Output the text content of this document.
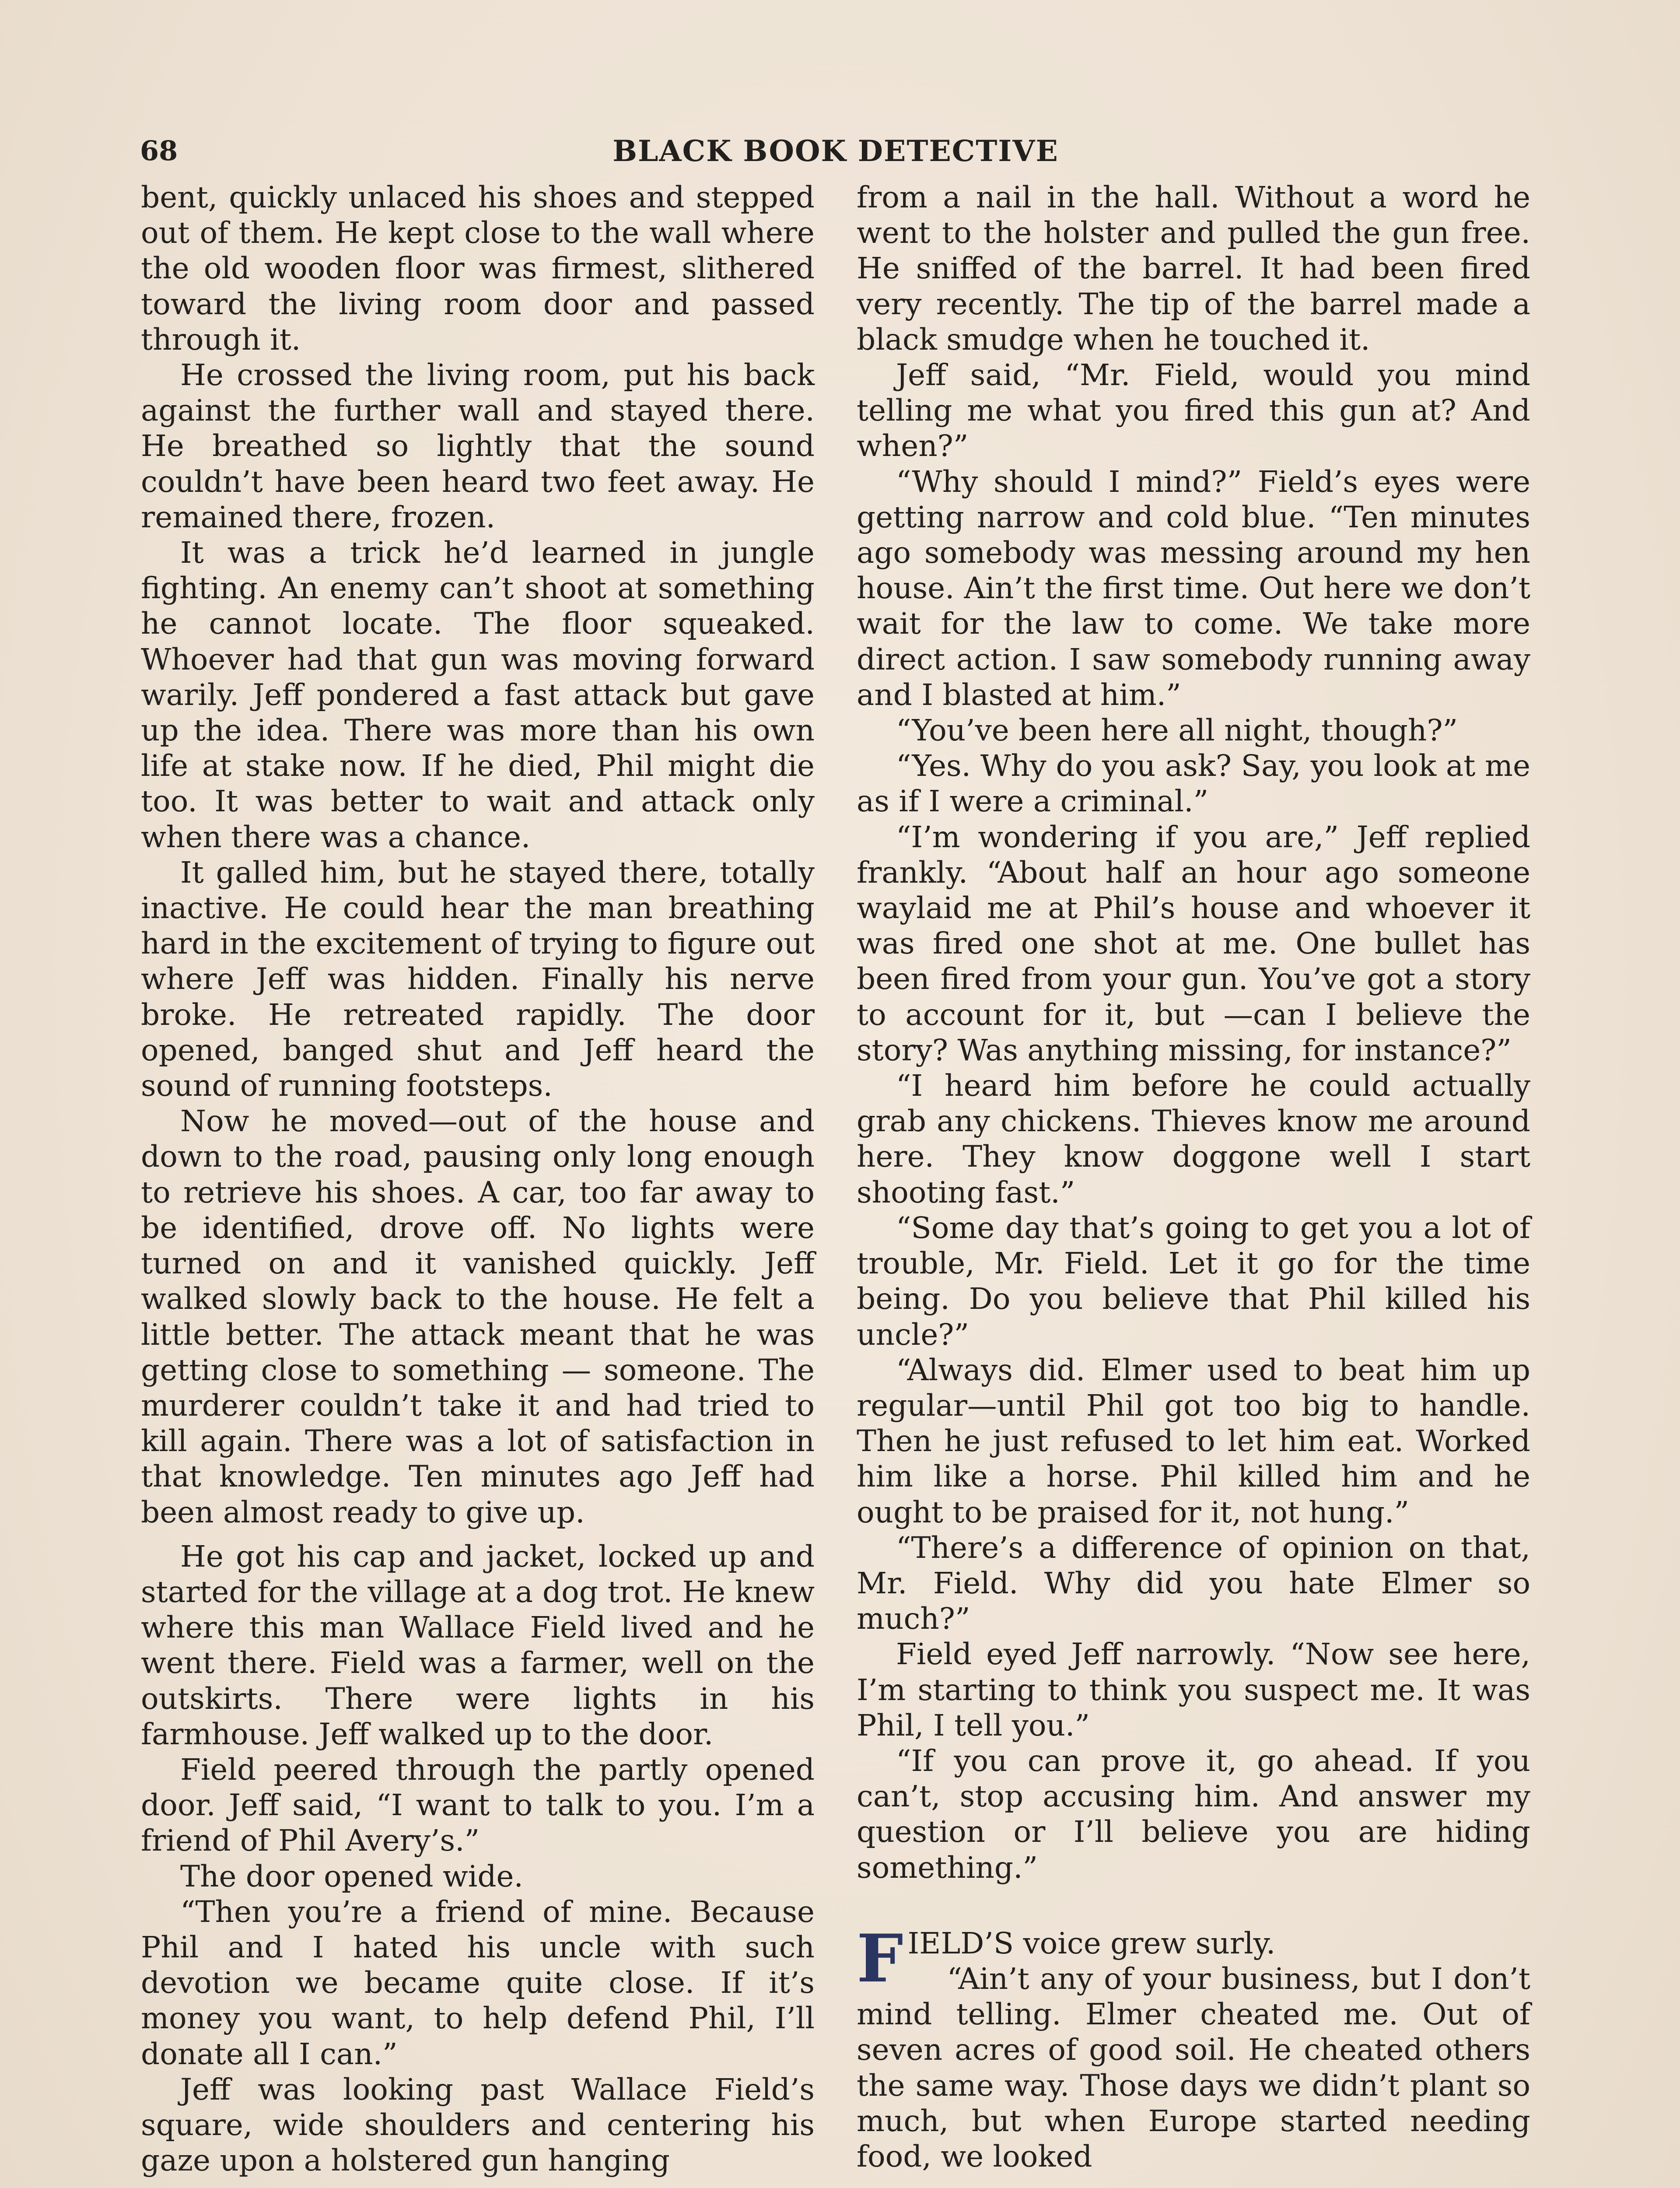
68	BLACK BOOK DETECTIVE

bent, quickly unlaced his shoes and stepped out of them. He kept close to the wall where the old wooden floor was firmest, slithered toward the living room door and passed through it.

He crossed the living room, put his back against the further wall and stayed there. He breathed so lightly that the sound couldn’t have been heard two feet away. He remained there, frozen.

It was a trick he’d learned in jungle fighting. An enemy can’t shoot at something he cannot locate. The floor squeaked. Whoever had that gun was moving forward warily. Jeff pondered a fast attack but gave up the idea. There was more than his own life at stake now. If he died, Phil might die too. It was better to wait and attack only when there was a chance.

It galled him, but he stayed there, totally inactive. He could hear the man breathing hard in the excitement of trying to figure out where Jeff was hidden. Finally his nerve broke. He retreated rapidly. The door opened, banged shut and Jeff heard the sound of running footsteps.

Now he moved—out of the house and down to the road, pausing only long enough to retrieve his shoes. A car, too far away to be identified, drove off. No lights were turned on and it vanished quickly. Jeff walked slowly back to the house. He felt a little better. The attack meant that he was getting close to something — someone. The murderer couldn’t take it and had tried to kill again. There was a lot of satisfaction in that knowledge. Ten minutes ago Jeff had been almost ready to give up.

He got his cap and jacket, locked up and started for the village at a dog trot. He knew where this man Wallace Field lived and he went there. Field was a farmer, well on the outskirts. There were lights in his farmhouse. Jeff walked up to the door.

Field peered through the partly opened door. Jeff said, “I want to talk to you. I’m a friend of Phil Avery’s.”

The door opened wide.

“Then you’re a friend of mine. Because Phil and I hated his uncle with such devotion we became quite close. If it’s money you want, to help defend Phil, I’ll donate all I can.”

Jeff was looking past Wallace Field’s square, wide shoulders and centering his gaze upon a holstered gun hanging

from a nail in the hall. Without a word he went to the holster and pulled the gun free. He sniffed of the barrel. It had been fired very recently. The tip of the barrel made a black smudge when he touched it.

Jeff said, “Mr. Field, would you mind telling me what you fired this gun at? And when?”

“Why should I mind?” Field’s eyes were getting narrow and cold blue. “Ten minutes ago somebody was messing around my hen house. Ain’t the first time. Out here we don’t wait for the law to come. We take more direct action. I saw somebody running away and I blasted at him.”

“You’ve been here all night, though?”

“Yes. Why do you ask? Say, you look at me as if I were a criminal.”

“I’m wondering if you are,” Jeff replied frankly. “About half an hour ago someone waylaid me at Phil’s house and whoever it was fired one shot at me. One bullet has been fired from your gun. You’ve got a story to account for it, but —can I believe the story? Was anything missing, for instance?”

“I heard him before he could actually grab any chickens. Thieves know me around here. They know doggone well I start shooting fast.”

“Some day that’s going to get you a lot of trouble, Mr. Field. Let it go for the time being. Do you believe that Phil killed his uncle?”

“Always did. Elmer used to beat him up regular—until Phil got too big to handle. Then he just refused to let him eat. Worked him like a horse. Phil killed him and he ought to be praised for it, not hung.”

“There’s a difference of opinion on that, Mr. Field. Why did you hate Elmer so much?”

Field eyed Jeff narrowly. “Now see here, I’m starting to think you suspect me. It was Phil, I tell you.”

“If you can prove it, go ahead. If you can’t, stop accusing him. And answer my question or I’ll believe you are hiding something.”

FIELD’S voice grew surly.

“Ain’t any of your business, but I don’t mind telling. Elmer cheated me. Out of seven acres of good soil. He cheated others the same way. Those days we didn’t plant so much, but when Europe started needing food, we looked
